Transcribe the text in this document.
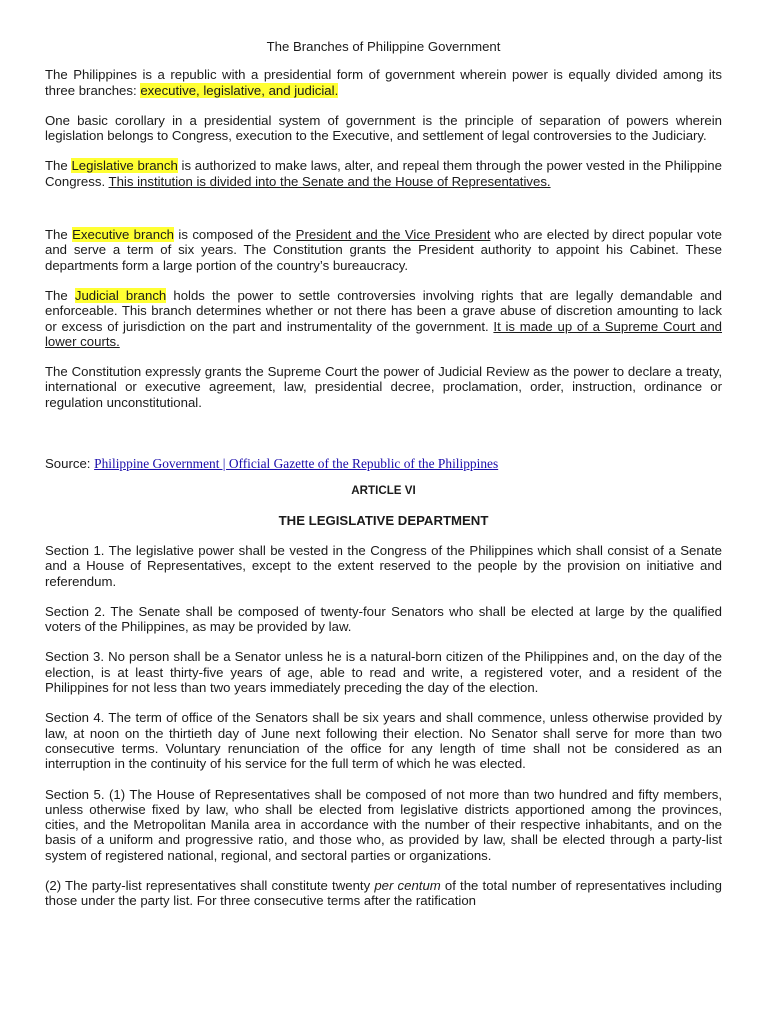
The Branches of Philippine Government

The Philippines is a republic with a presidential form of government wherein power is equally divided among its three branches: executive, legislative, and judicial.

One basic corollary in a presidential system of government is the principle of separation of powers wherein legislation belongs to Congress, execution to the Executive, and settlement of legal controversies to the Judiciary.

The Legislative branch is authorized to make laws, alter, and repeal them through the power vested in the Philippine Congress. This institution is divided into the Senate and the House of Representatives.

The Executive branch is composed of the President and the Vice President who are elected by direct popular vote and serve a term of six years. The Constitution grants the President authority to appoint his Cabinet. These departments form a large portion of the country’s bureaucracy.

The Judicial branch holds the power to settle controversies involving rights that are legally demandable and enforceable. This branch determines whether or not there has been a grave abuse of discretion amounting to lack or excess of jurisdiction on the part and instrumentality of the government. It is made up of a Supreme Court and lower courts.

The Constitution expressly grants the Supreme Court the power of Judicial Review as the power to declare a treaty, international or executive agreement, law, presidential decree, proclamation, order, instruction, ordinance or regulation unconstitutional.

Source: Philippine Government | Official Gazette of the Republic of the Philippines

ARTICLE VI
THE LEGISLATIVE DEPARTMENT

Section 1. The legislative power shall be vested in the Congress of the Philippines which shall consist of a Senate and a House of Representatives, except to the extent reserved to the people by the provision on initiative and referendum.

Section 2. The Senate shall be composed of twenty-four Senators who shall be elected at large by the qualified voters of the Philippines, as may be provided by law.

Section 3. No person shall be a Senator unless he is a natural-born citizen of the Philippines and, on the day of the election, is at least thirty-five years of age, able to read and write, a registered voter, and a resident of the Philippines for not less than two years immediately preceding the day of the election.

Section 4. The term of office of the Senators shall be six years and shall commence, unless otherwise provided by law, at noon on the thirtieth day of June next following their election. No Senator shall serve for more than two consecutive terms. Voluntary renunciation of the office for any length of time shall not be considered as an interruption in the continuity of his service for the full term of which he was elected.

Section 5. (1) The House of Representatives shall be composed of not more than two hundred and fifty members, unless otherwise fixed by law, who shall be elected from legislative districts apportioned among the provinces, cities, and the Metropolitan Manila area in accordance with the number of their respective inhabitants, and on the basis of a uniform and progressive ratio, and those who, as provided by law, shall be elected through a party-list system of registered national, regional, and sectoral parties or organizations.

(2) The party-list representatives shall constitute twenty per centum of the total number of representatives including those under the party list. For three consecutive terms after the ratification
